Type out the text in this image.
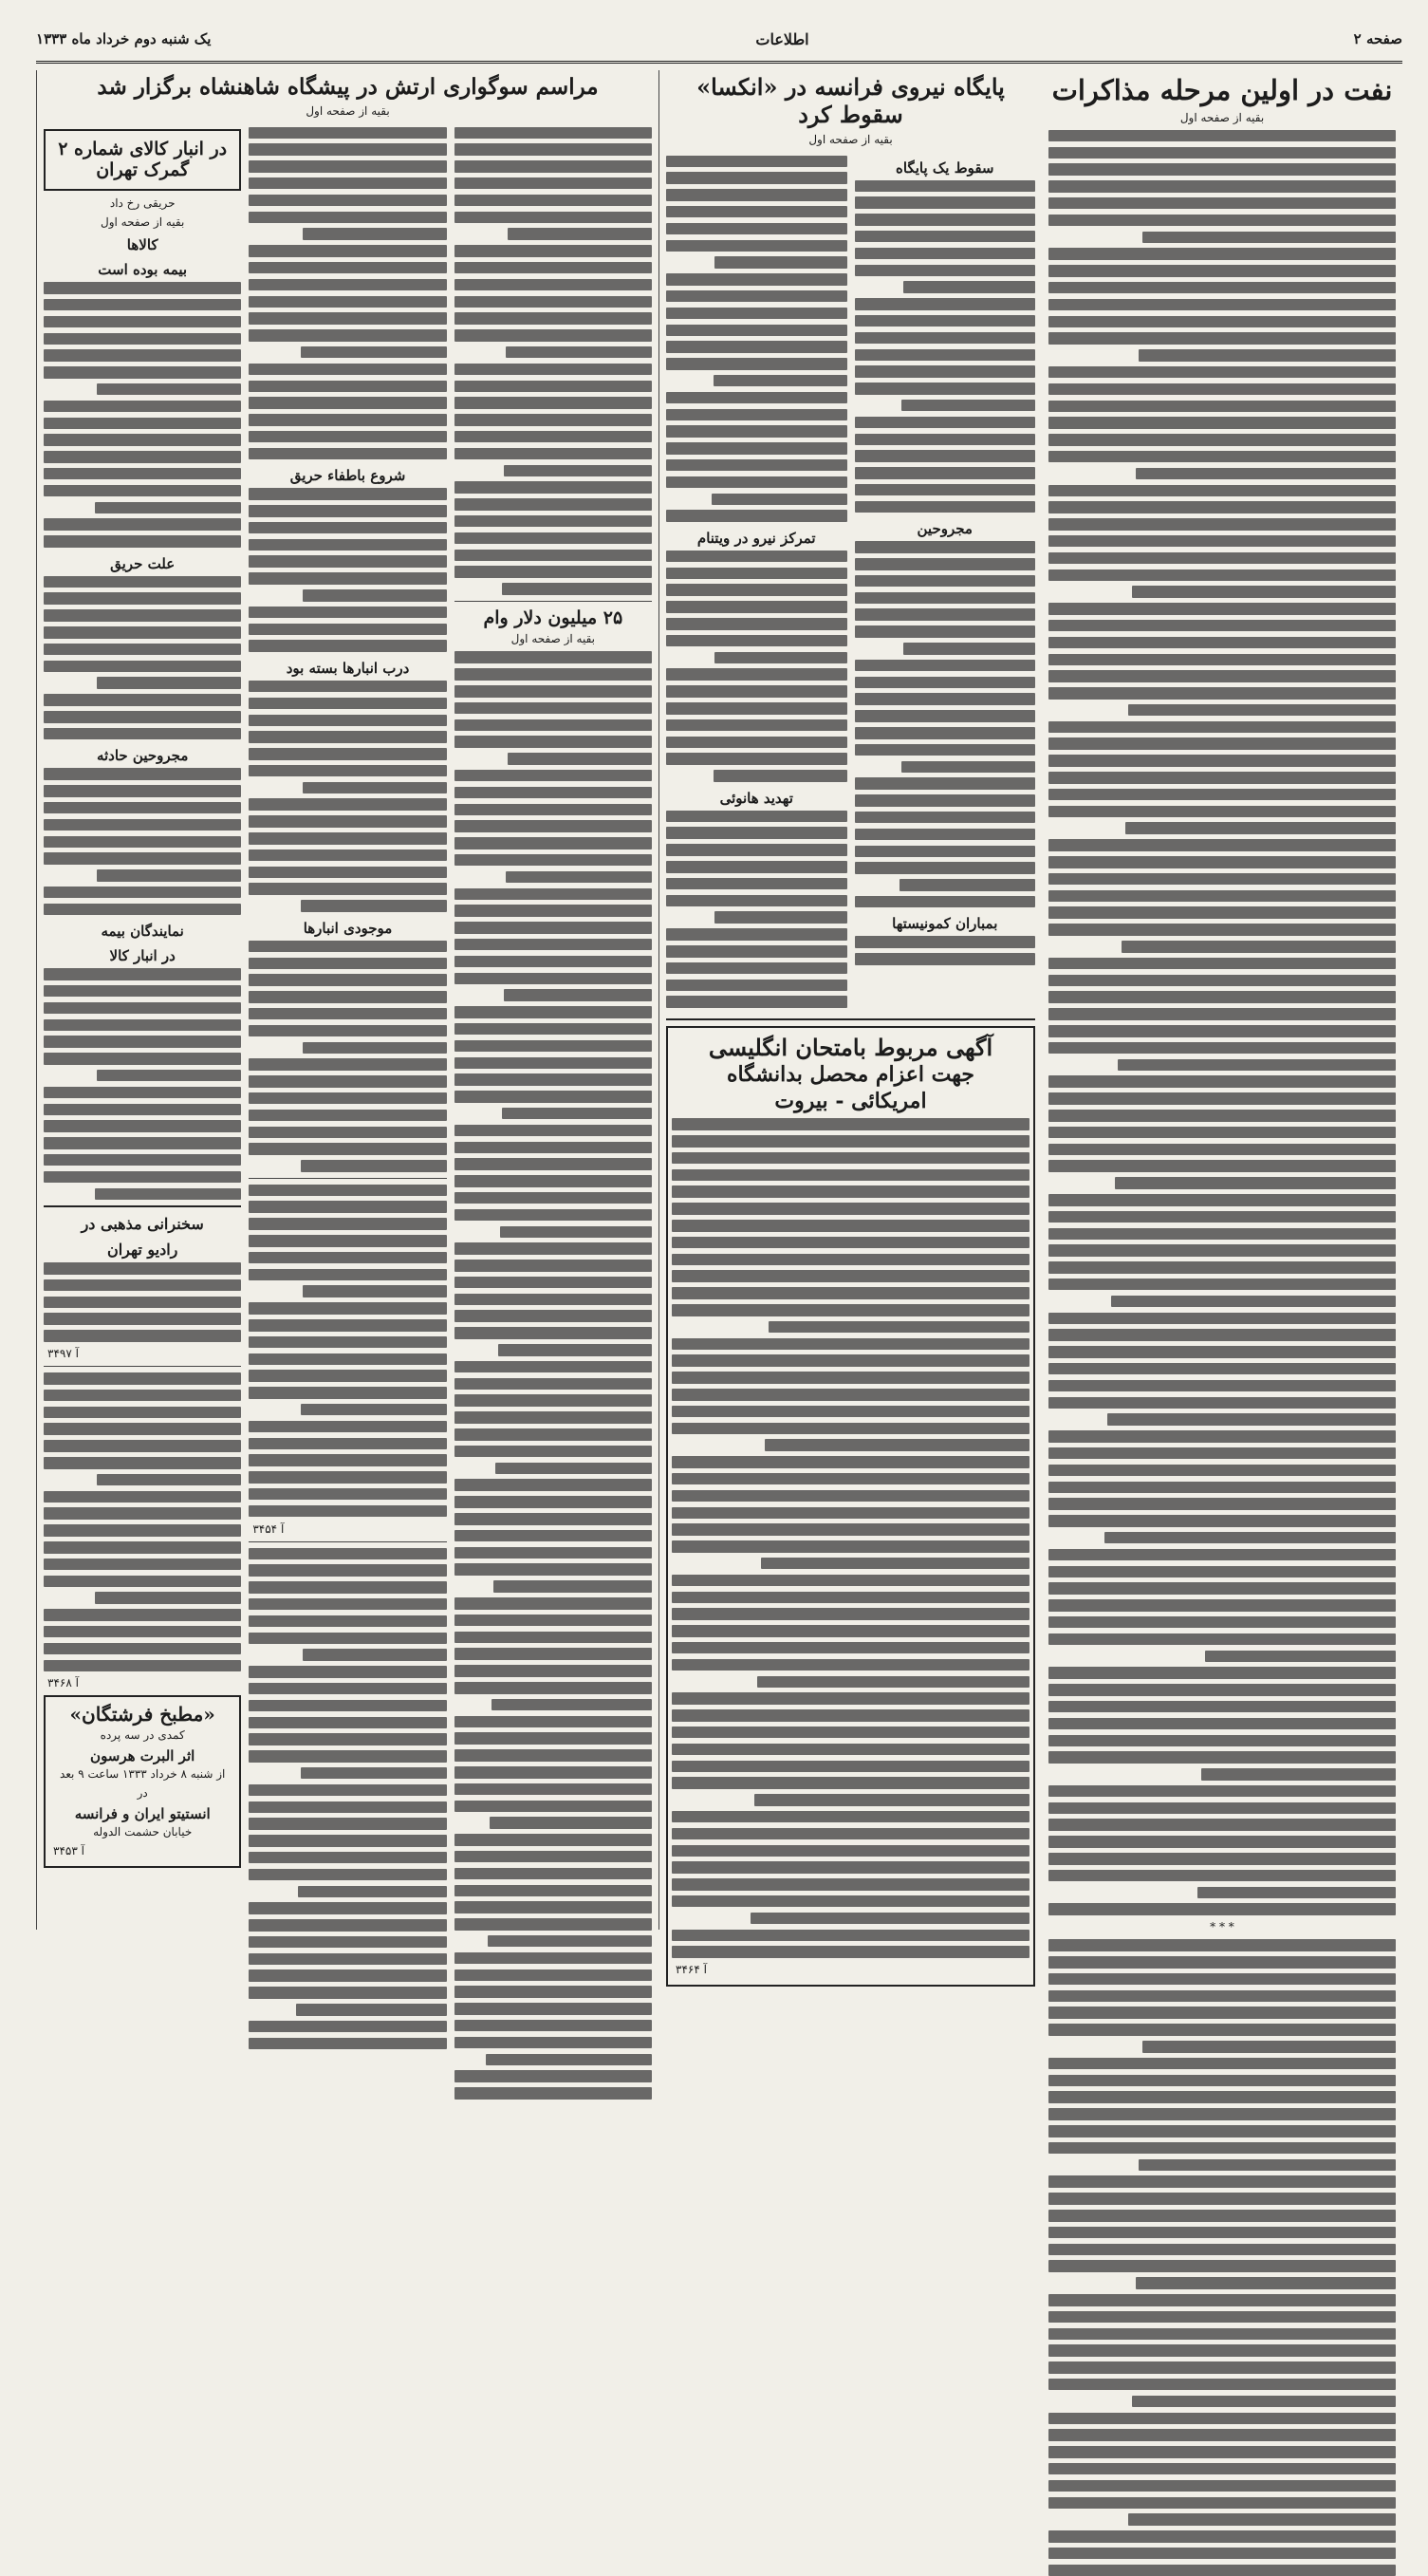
صفحه ۲
اطلاعات
یک شنبه دوم خرداد ماه ۱۳۳۳
نفت در اولین مرحله مذاکرات
بقیه از صفحه اول
* * *
پایگاه نیروی فرانسه در «انکسا» سقوط کرد
بقیه از صفحه اول
سقوط یک پایگاه
مجروحین
بمباران کمونیستها
تمرکز نیرو در ویتنام
تهدید هانوئی
آگهی مربوط بامتحان انگلیسی
جهت اعزام محصل بدانشگاه
امریکائی - بیروت
آ ۳۴۶۴
مراسم سوگواری ارتش در پیشگاه شاهنشاه برگزار شد
بقیه از صفحه اول
۲۵ میلیون دلار وام
بقیه از صفحه اول
شروع باطفاء حریق
درب انبارها بسته بود
موجودی انبارها
آ ۳۴۵۴
در انبار کالای شماره ۲ گمرک تهران
حریقی رخ داد
بقیه از صفحه اول
کالاها
بیمه بوده است
علت حریق
مجروحین حادثه
نمایندگان بیمه
در انبار کالا
سخنرانی مذهبی در
رادیو تهران
آ ۳۴۹۷
آ ۳۴۶۸
«مطبخ فرشتگان»
کمدی در سه پرده
اثر البرت هرسون
از شنبه ۸ خرداد ۱۳۳۳ ساعت ۹ بعد
در
انستیتو ایران و فرانسه
خیابان حشمت الدوله
آ ۳۴۵۳
